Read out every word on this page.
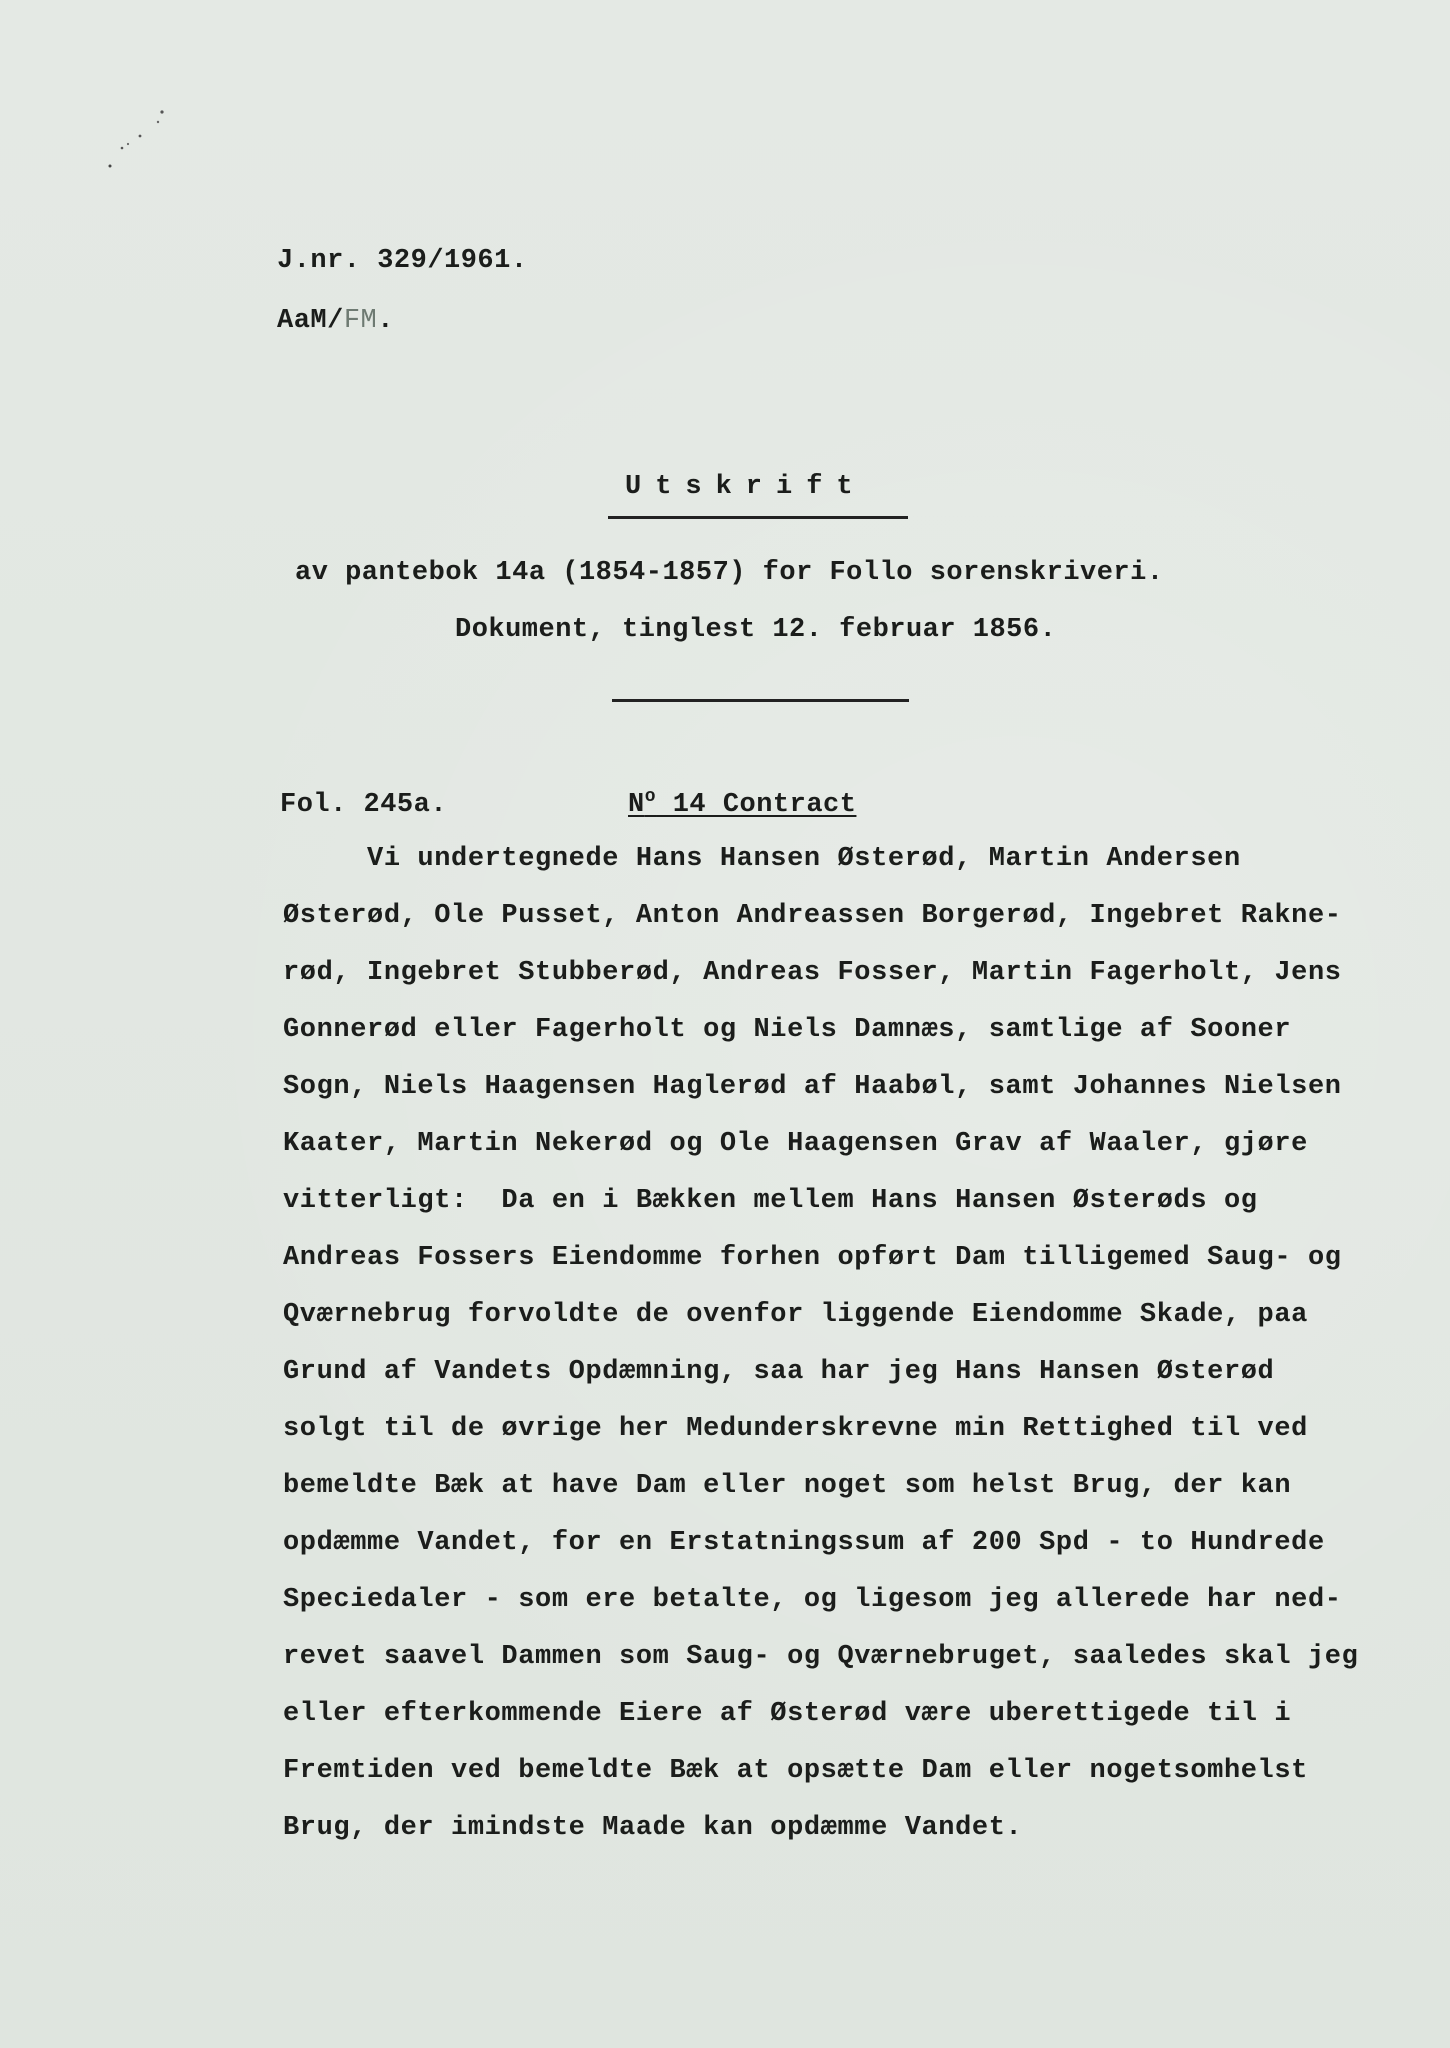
J.nr. 329/1961.
AaM/FM.
Utskrift
av pantebok 14a (1854-1857) for Follo sorenskriveri.
Dokument, tinglest 12. februar 1856.
Fol. 245a.	$N^o$ 14 Contract
Vi undertegnede Hans Hansen Østerød, Martin Andersen
Østerød, Ole Pusset, Anton Andreassen Borgerød, Ingebret Rakne-
rød, Ingebret Stubberød, Andreas Fosser, Martin Fagerholt, Jens
Gonnerød eller Fagerholt og Niels Damnæs, samtlige af Sooner
Sogn, Niels Haagensen Haglerød af Haabøl, samt Johannes Nielsen
Kaater, Martin Nekerød og Ole Haagensen Grav af Waaler, gjøre
vitterligt:  Da en i Bækken mellem Hans Hansen Østerøds og
Andreas Fossers Eiendomme forhen opført Dam tilligemed Saug- og
Qværnebrug forvoldte de ovenfor liggende Eiendomme Skade, paa
Grund af Vandets Opdæmning, saa har jeg Hans Hansen Østerød
solgt til de øvrige her Medunderskrevne min Rettighed til ved
bemeldte Bæk at have Dam eller noget som helst Brug, der kan
opdæmme Vandet, for en Erstatningssum af 200 Spd - to Hundrede
Speciedaler - som ere betalte, og ligesom jeg allerede har ned-
revet saavel Dammen som Saug- og Qværnebruget, saaledes skal jeg
eller efterkommende Eiere af Østerød være uberettigede til i
Fremtiden ved bemeldte Bæk at opsætte Dam eller nogetsomhelst
Brug, der imindste Maade kan opdæmme Vandet.
